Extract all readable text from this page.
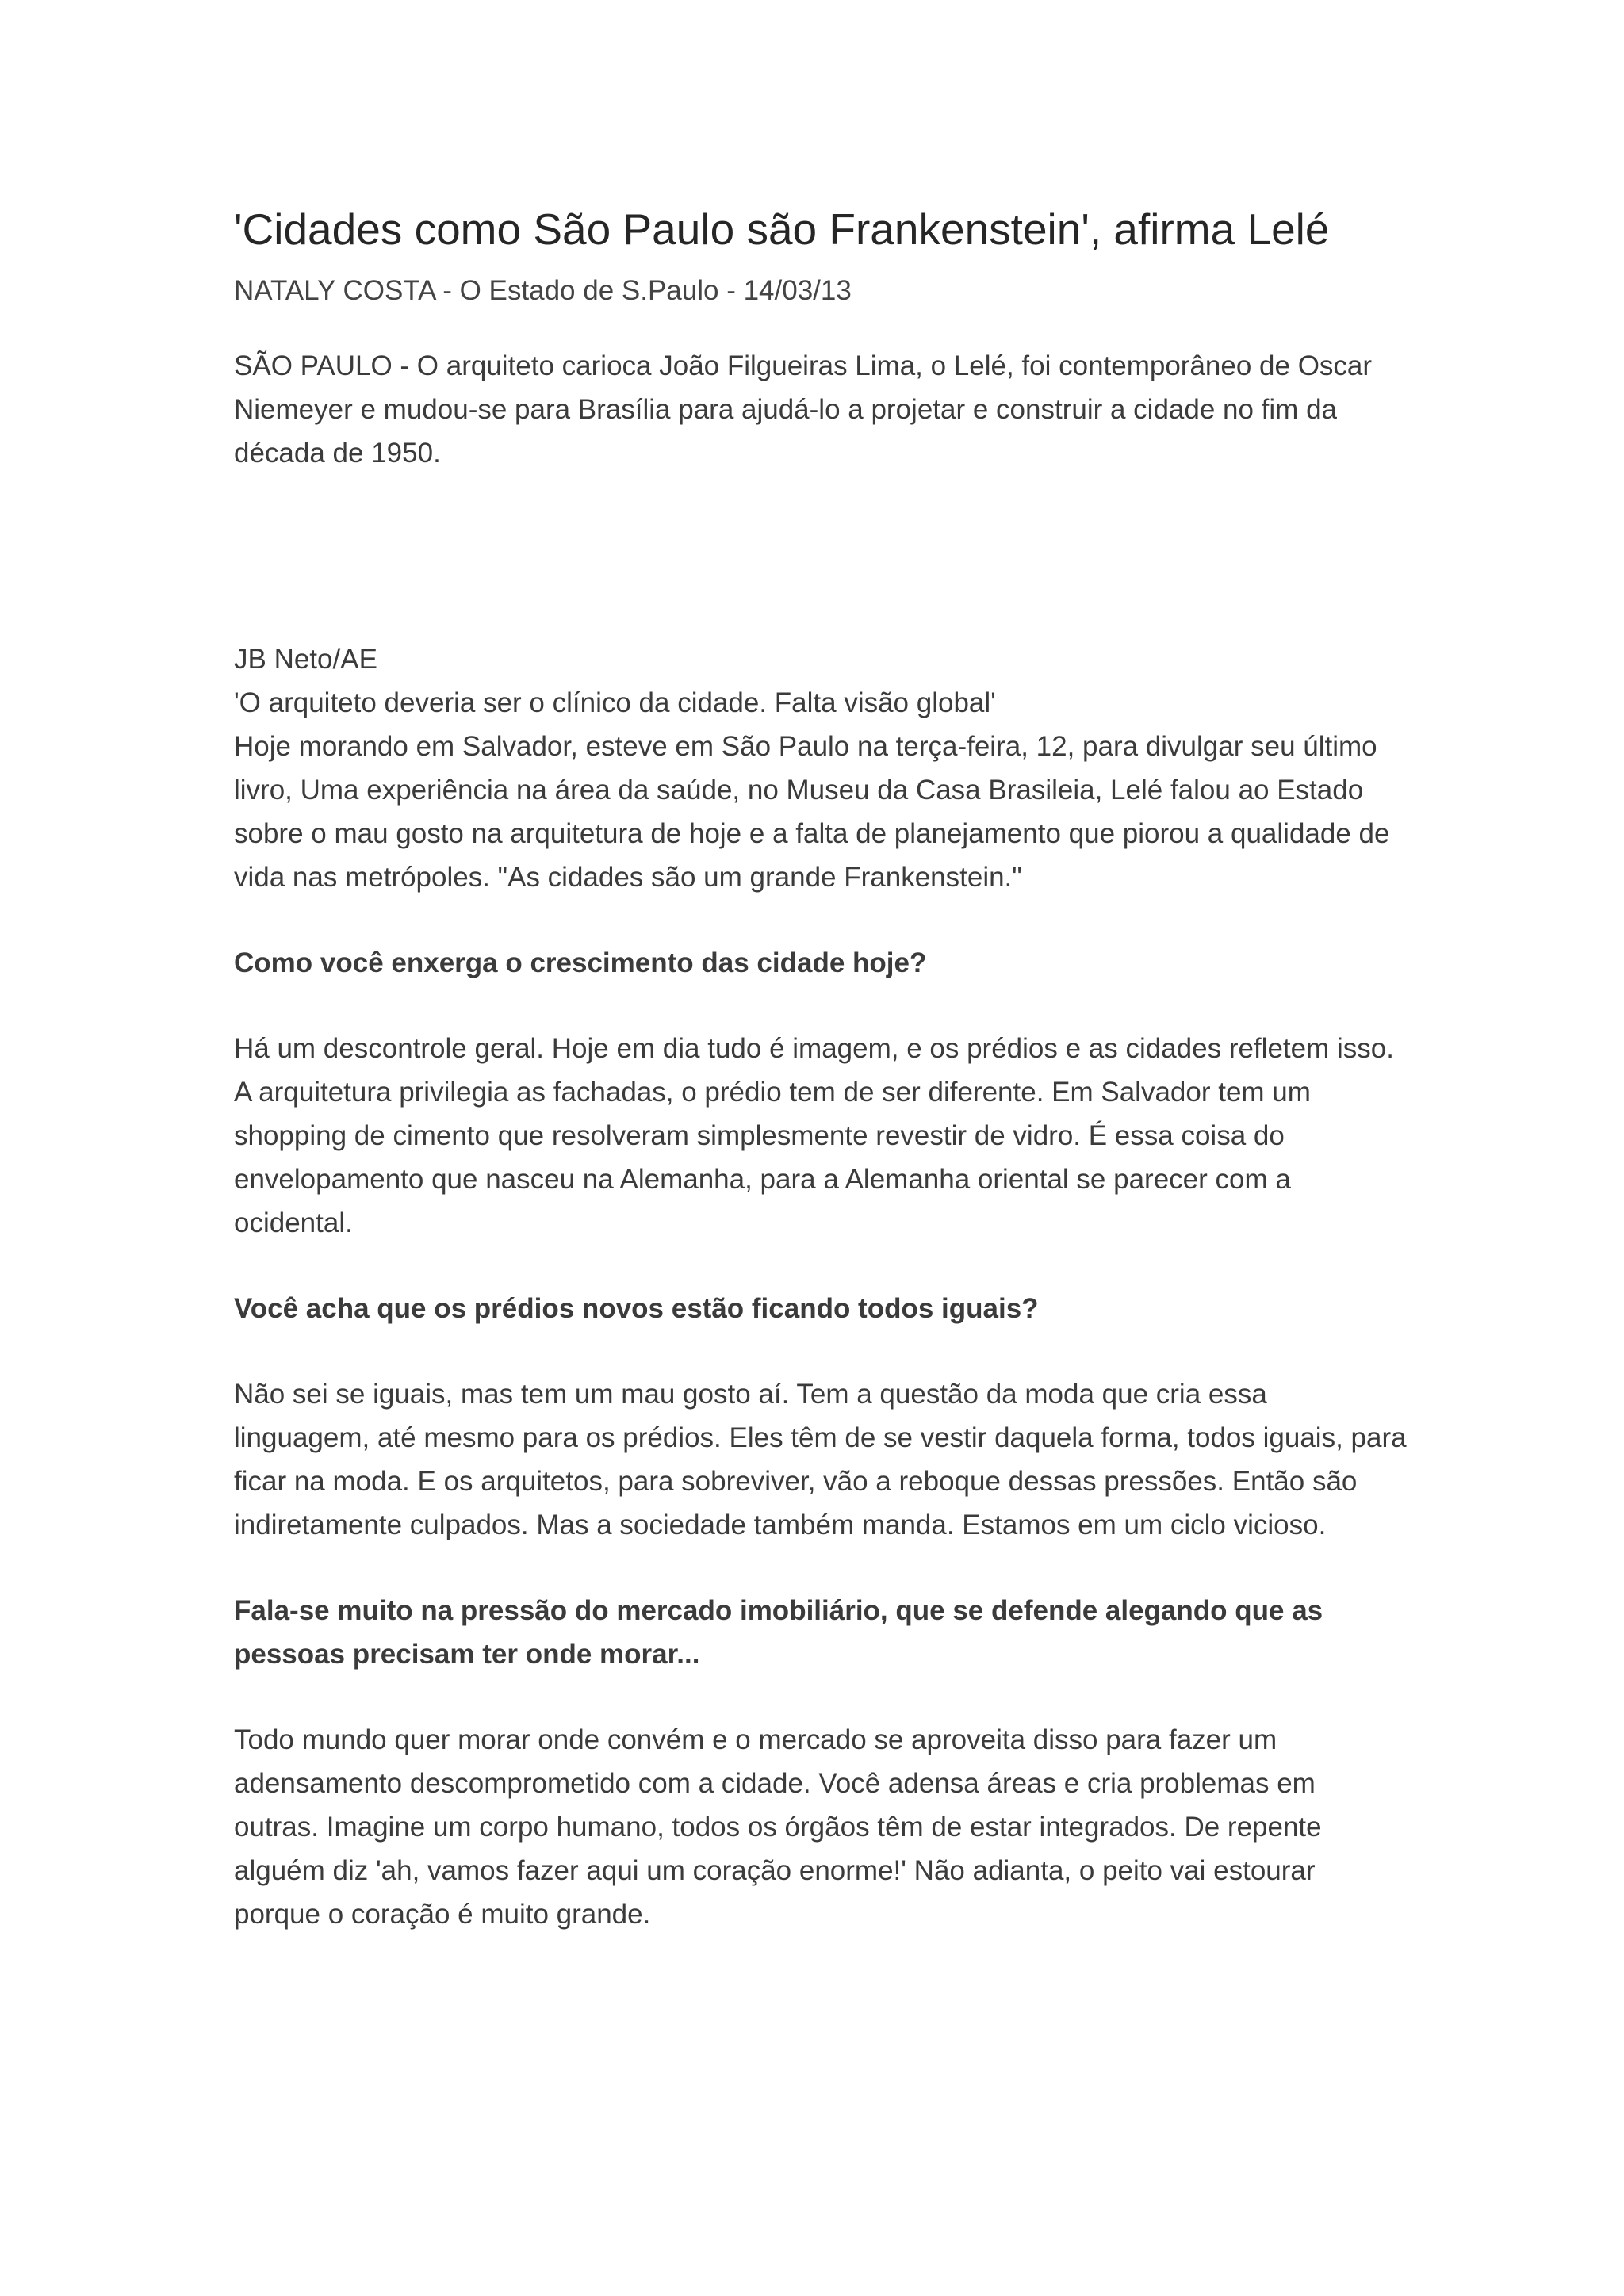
'Cidades como São Paulo são Frankenstein', afirma Lelé

NATALY COSTA - O Estado de S.Paulo - 14/03/13

SÃO PAULO - O arquiteto carioca João Filgueiras Lima, o Lelé, foi contemporâneo de Oscar Niemeyer e mudou-se para Brasília para ajudá-lo a projetar e construir a cidade no fim da década de 1950.

JB Neto/AE

'O arquiteto deveria ser o clínico da cidade. Falta visão global'

Hoje morando em Salvador, esteve em São Paulo na terça-feira, 12, para divulgar seu último livro, Uma experiência na área da saúde, no Museu da Casa Brasileia, Lelé falou ao Estado sobre o mau gosto na arquitetura de hoje e a falta de planejamento que piorou a qualidade de vida nas metrópoles. "As cidades são um grande Frankenstein."

Como você enxerga o crescimento das cidade hoje?

Há um descontrole geral. Hoje em dia tudo é imagem, e os prédios e as cidades refletem isso. A arquitetura privilegia as fachadas, o prédio tem de ser diferente. Em Salvador tem um shopping de cimento que resolveram simplesmente revestir de vidro. É essa coisa do envelopamento que nasceu na Alemanha, para a Alemanha oriental se parecer com a ocidental.

Você acha que os prédios novos estão ficando todos iguais?

Não sei se iguais, mas tem um mau gosto aí. Tem a questão da moda que cria essa linguagem, até mesmo para os prédios. Eles têm de se vestir daquela forma, todos iguais, para ficar na moda. E os arquitetos, para sobreviver, vão a reboque dessas pressões. Então são indiretamente culpados. Mas a sociedade também manda. Estamos em um ciclo vicioso.

Fala-se muito na pressão do mercado imobiliário, que se defende alegando que as pessoas precisam ter onde morar...

Todo mundo quer morar onde convém e o mercado se aproveita disso para fazer um adensamento descomprometido com a cidade. Você adensa áreas e cria problemas em outras. Imagine um corpo humano, todos os órgãos têm de estar integrados. De repente alguém diz 'ah, vamos fazer aqui um coração enorme!' Não adianta, o peito vai estourar porque o coração é muito grande.
